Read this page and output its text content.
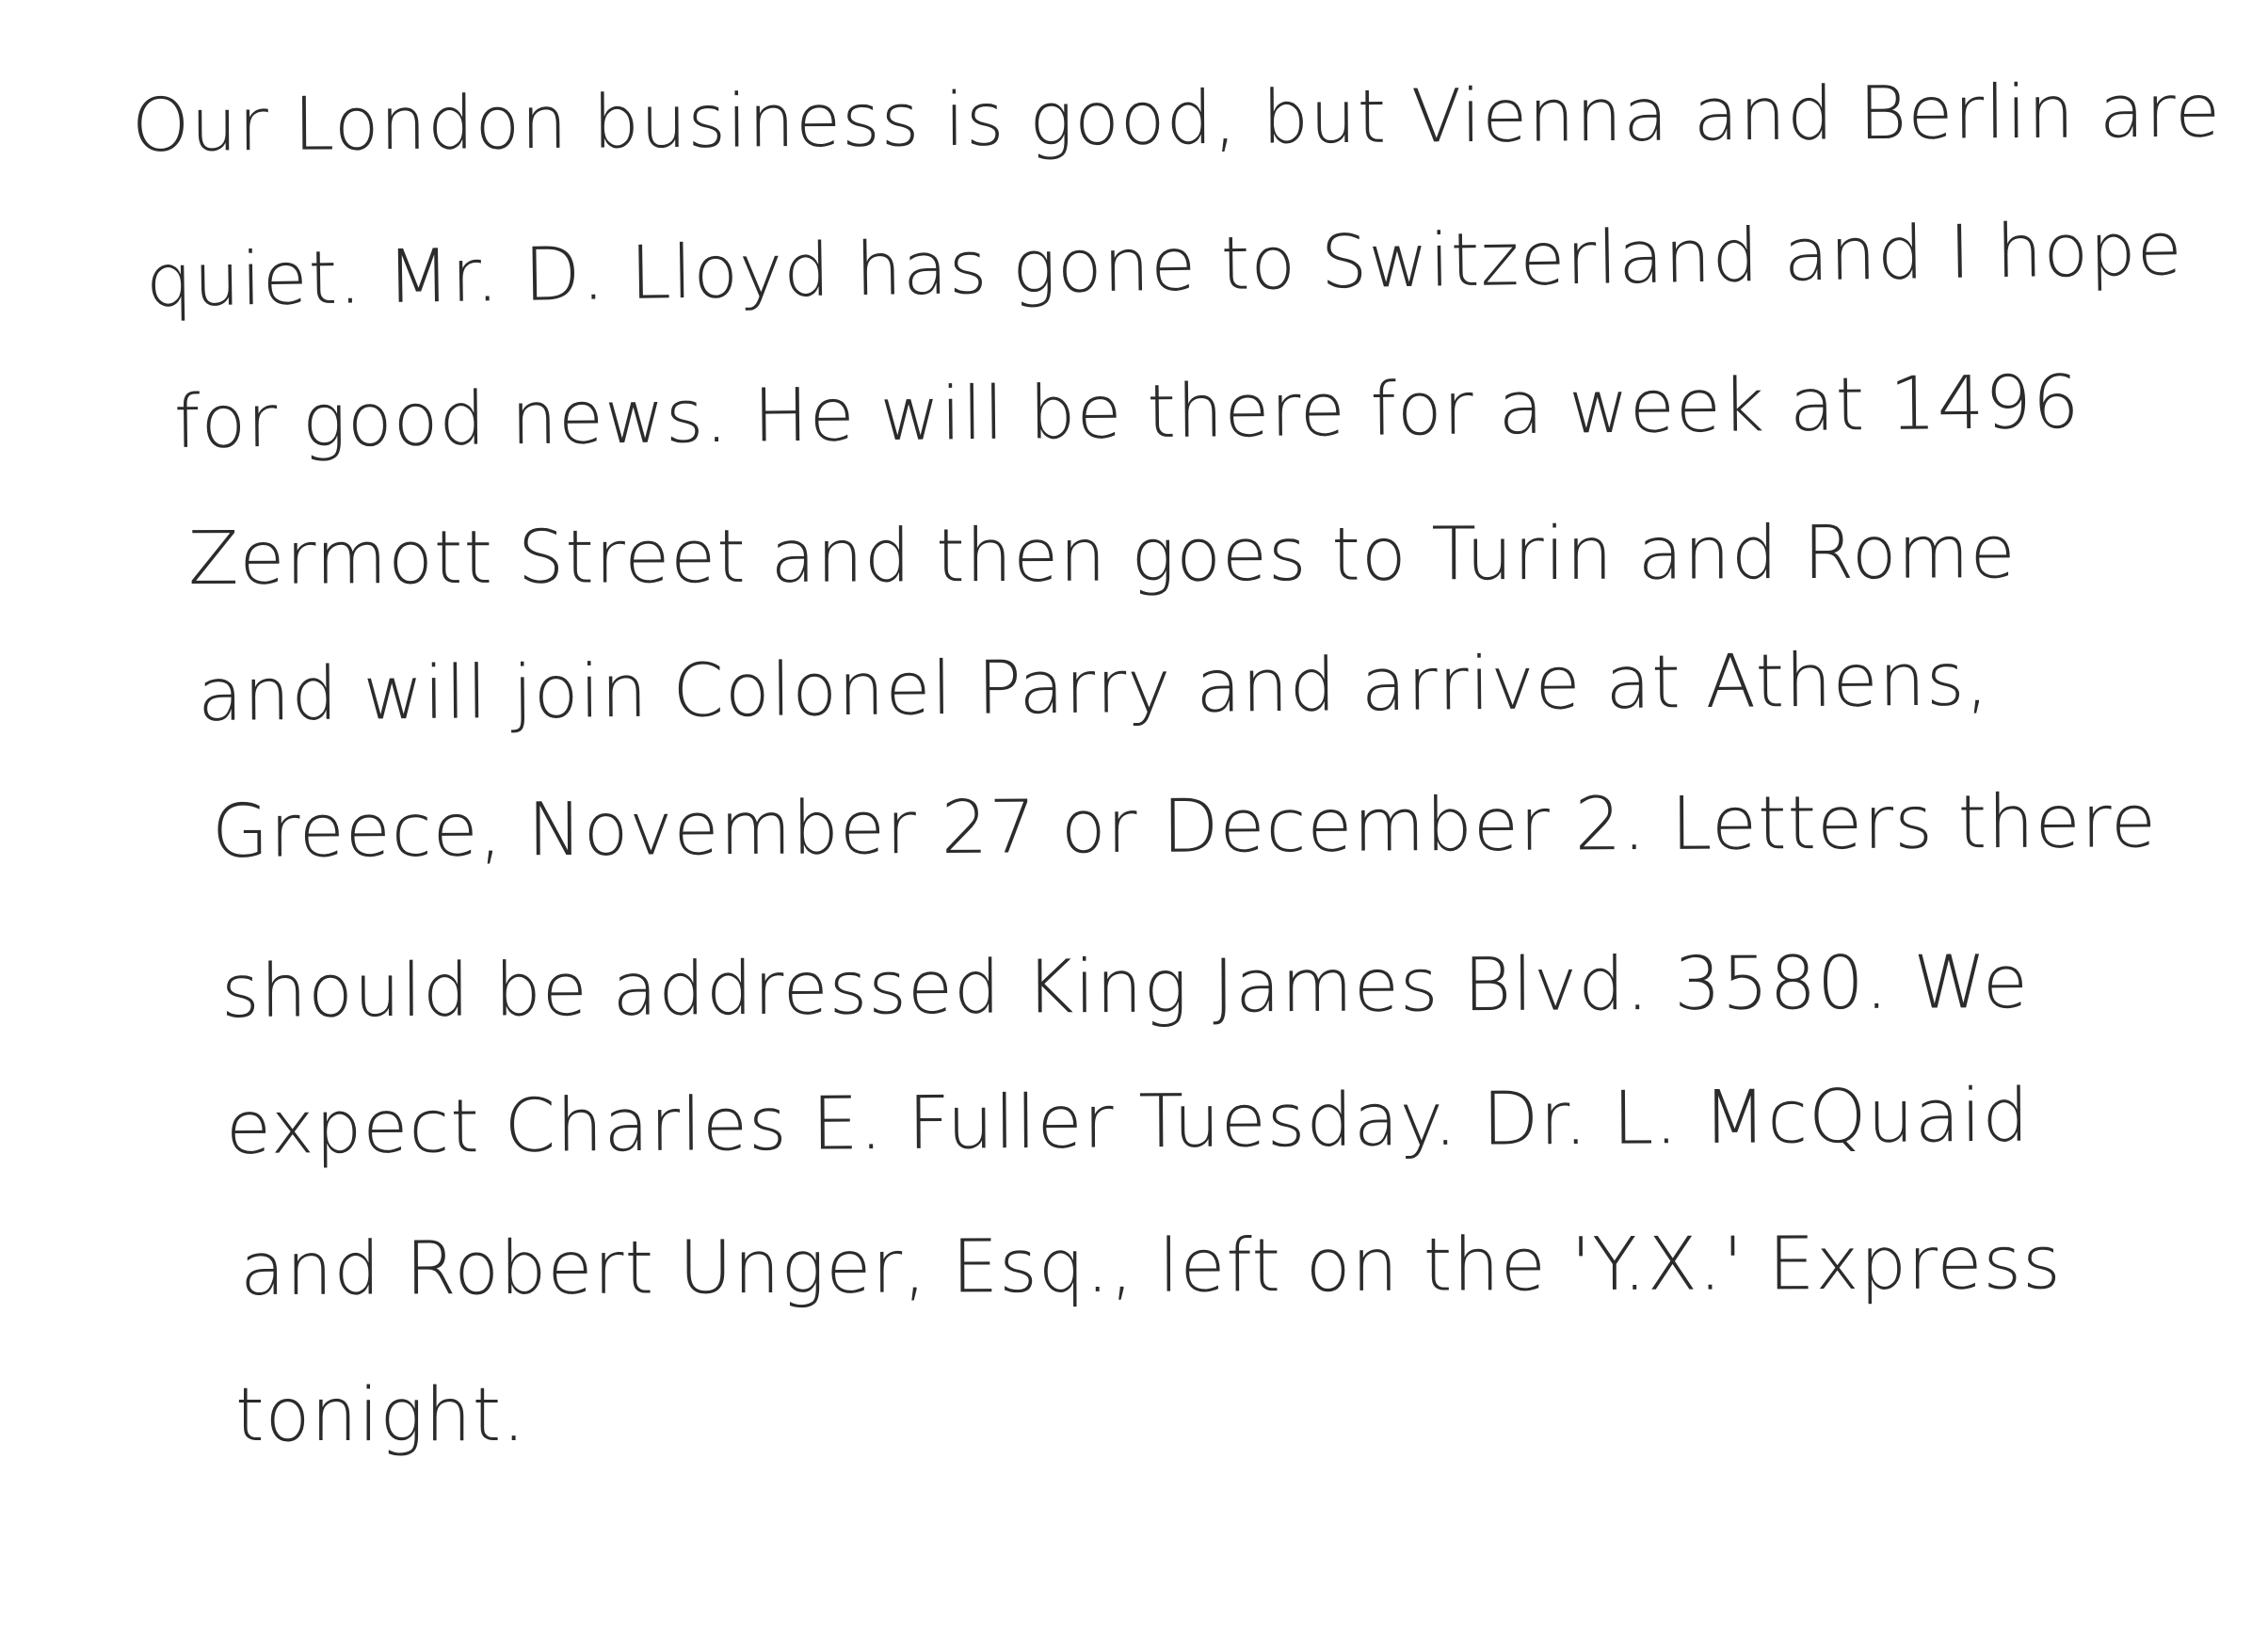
Our London business is good, but Vienna and Berlin are
quiet. Mr. D. Lloyd has gone to Switzerland and I hope
for good news. He will be there for a week at 1496
Zermott Street and then goes to Turin and Rome
and will join Colonel Parry and arrive at Athens,
Greece, November 27 or December 2. Letters there
should be addressed King James Blvd. 3580. We
expect Charles E. Fuller Tuesday. Dr. L. McQuaid
and Robert Unger, Esq., left on the 'Y.X.' Express
tonight.
